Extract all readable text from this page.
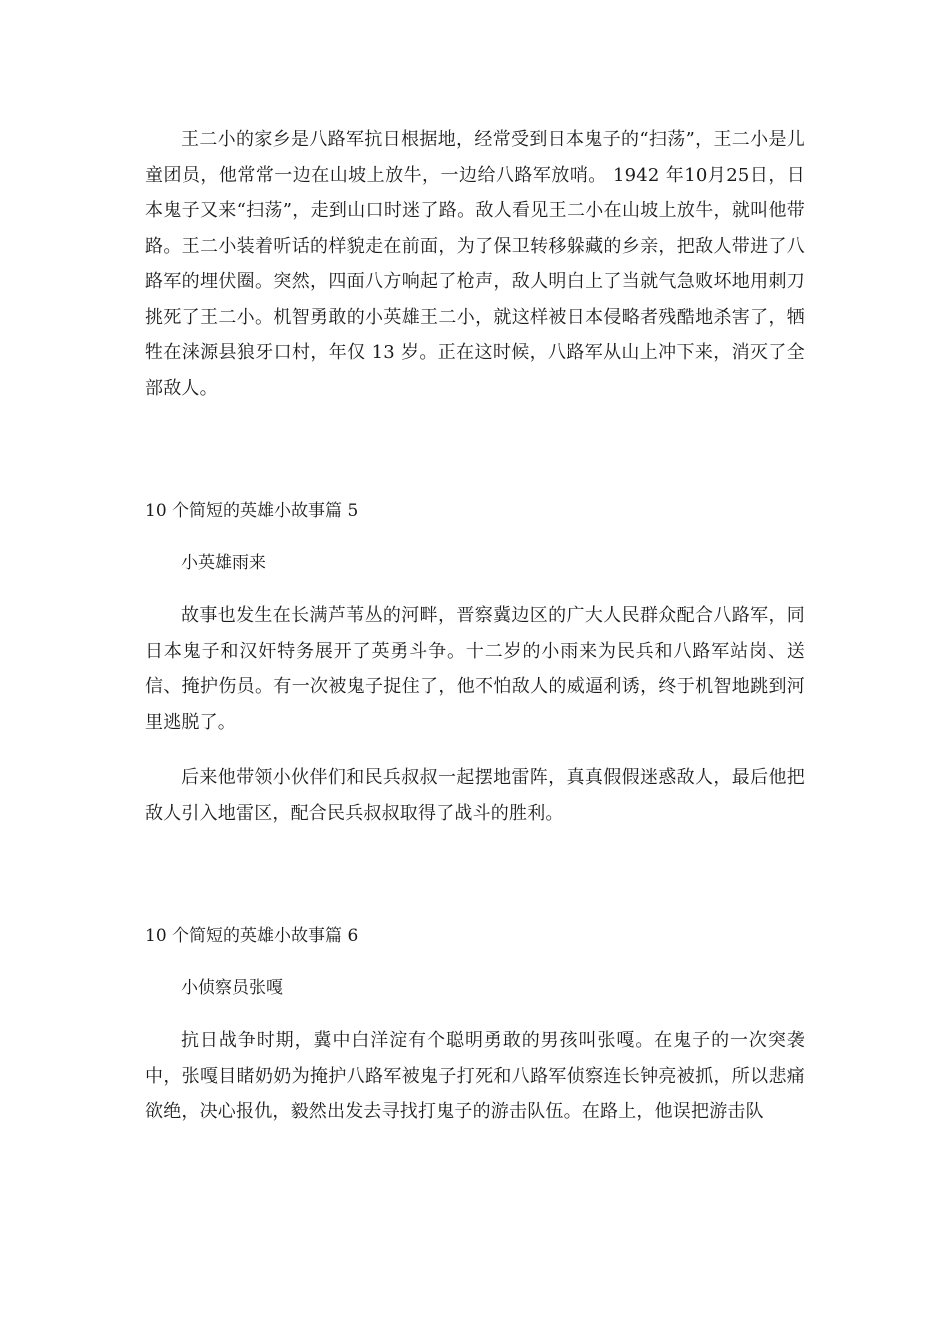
王二小的家乡是八路军抗日根据地，经常受到日本鬼子的“扫荡”，王二小是儿童团员，他常常一边在山坡上放牛，一边给八路军放哨。 1942 年10月25日，日本鬼子又来“扫荡”，走到山口时迷了路。敌人看见王二小在山坡上放牛，就叫他带路。王二小装着听话的样貌走在前面，为了保卫转移躲藏的乡亲，把敌人带进了八路军的埋伏圈。突然，四面八方响起了枪声，敌人明白上了当就气急败坏地用刺刀挑死了王二小。机智勇敢的小英雄王二小，就这样被日本侵略者残酷地杀害了，牺牲在涞源县狼牙口村，年仅 13 岁。正在这时候，八路军从山上冲下来，消灭了全部敌人。

10 个简短的英雄小故事篇 5

小英雄雨来

故事也发生在长满芦苇丛的河畔，晋察冀边区的广大人民群众配合八路军，同日本鬼子和汉奸特务展开了英勇斗争。十二岁的小雨来为民兵和八路军站岗、送信、掩护伤员。有一次被鬼子捉住了，他不怕敌人的威逼利诱，终于机智地跳到河里逃脱了。

后来他带领小伙伴们和民兵叔叔一起摆地雷阵，真真假假迷惑敌人，最后他把敌人引入地雷区，配合民兵叔叔取得了战斗的胜利。

10 个简短的英雄小故事篇 6

小侦察员张嘎

抗日战争时期，冀中白洋淀有个聪明勇敢的男孩叫张嘎。在鬼子的一次突袭中，张嘎目睹奶奶为掩护八路军被鬼子打死和八路军侦察连长钟亮被抓，所以悲痛欲绝，决心报仇，毅然出发去寻找打鬼子的游击队伍。在路上，他误把游击队
